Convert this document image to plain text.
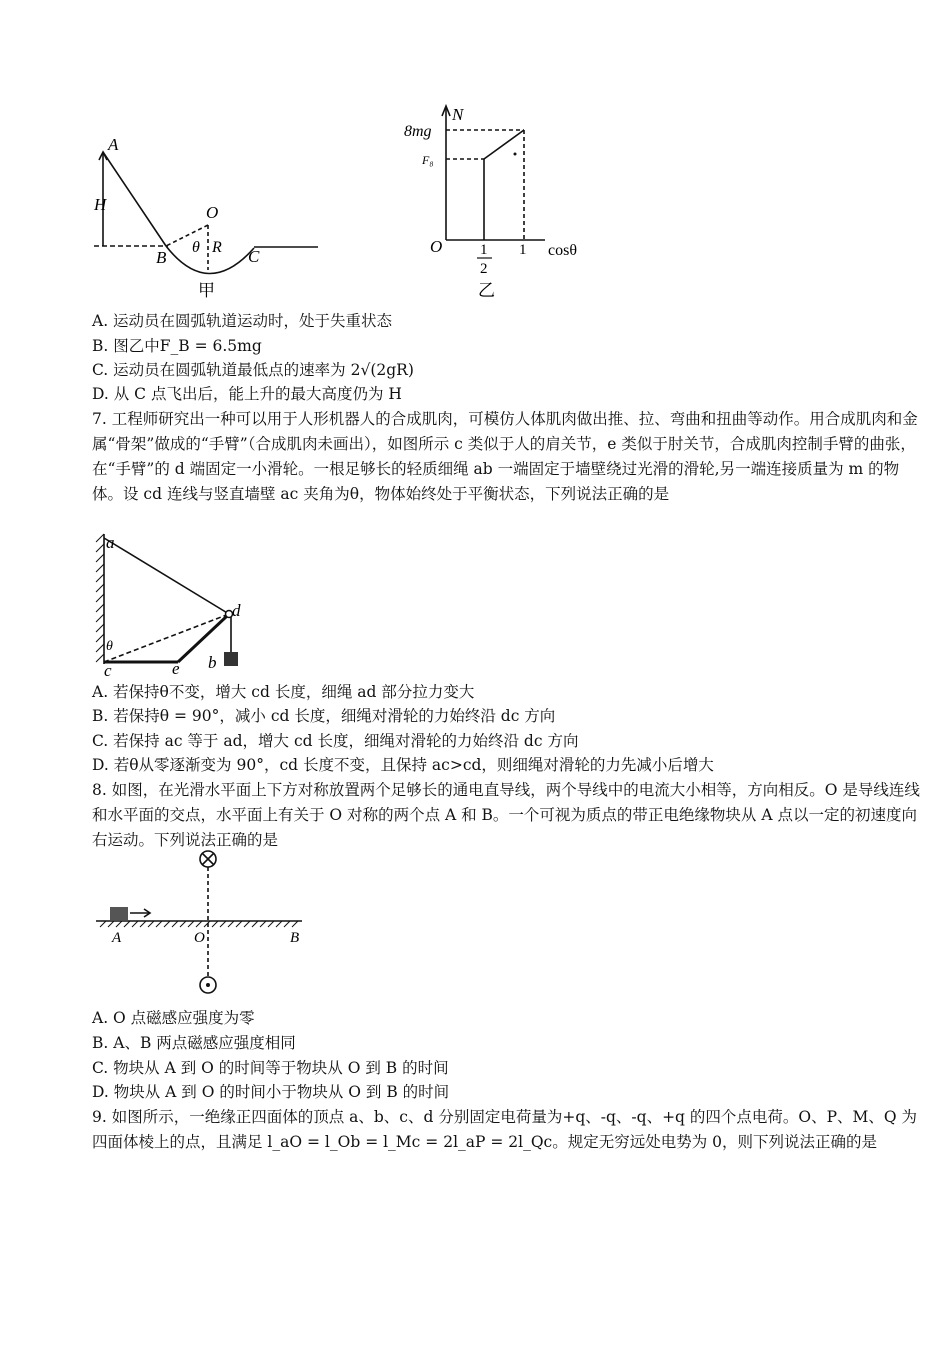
A
H	O
θ R
B	C
甲
N
8mg
F₈
O	1
2
1 cosθ
乙
A. 运动员在圆弧轨道运动时，处于失重状态
B. 图乙中F_B = 6.5mg
C. 运动员在圆弧轨道最低点的速率为 2√(2gR)
D. 从 C 点飞出后，能上升的最大高度仍为 H
7. 工程师研究出一种可以用于人形机器人的合成肌肉，可模仿人体肌肉做出推、拉、弯曲和扭曲等动作。用合成肌肉和金属“骨架”做成的“手臂”（合成肌肉未画出），如图所示 c 类似于人的肩关节，e 类似于肘关节，合成肌肉控制手臂的曲张，在“手臂”的 d 端固定一小滑轮。一根足够长的轻质细绳 ab 一端固定于墙壁绕过光滑的滑轮,另一端连接质量为 m 的物体。设 cd 连线与竖直墙壁 ac 夹角为θ，物体始终处于平衡状态，下列说法正确的是
a
θ
c	e b
d
A. 若保持θ不变，增大 cd 长度，细绳 ad 部分拉力变大
B. 若保持θ = 90°，减小 cd 长度，细绳对滑轮的力始终沿 dc 方向
C. 若保持 ac 等于 ad，增大 cd 长度，细绳对滑轮的力始终沿 dc 方向
D. 若θ从零逐渐变为 90°，cd 长度不变，且保持 ac>cd，则细绳对滑轮的力先减小后增大
8. 如图，在光滑水平面上下方对称放置两个足够长的通电直导线，两个导线中的电流大小相等，方向相反。O 是导线连线和水平面的交点，水平面上有关于 O 对称的两个点 A 和 B。一个可视为质点的带正电绝缘物块从 A 点以一定的初速度向右运动。下列说法正确的是
A	O	B
A. O 点磁感应强度为零
B. A、B 两点磁感应强度相同
C. 物块从 A 到 O 的时间等于物块从 O 到 B 的时间
D. 物块从 A 到 O 的时间小于物块从 O 到 B 的时间
9. 如图所示，一绝缘正四面体的顶点 a、b、c、d 分别固定电荷量为+q、-q、-q、+q 的四个点电荷。O、P、M、Q 为四面体棱上的点，且满足 l_aO = l_Ob = l_Mc = 2l_aP = 2l_Qc。规定无穷远处电势为 0，则下列说法正确的是
